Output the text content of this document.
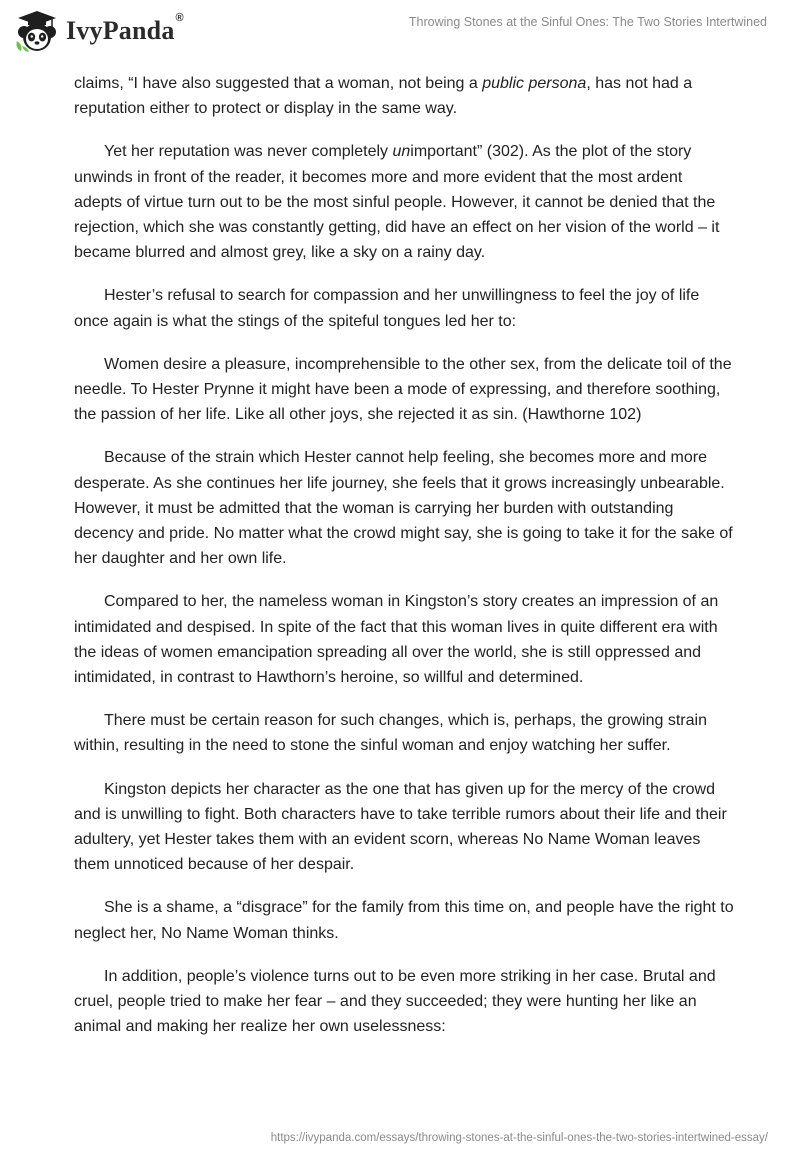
IvyPanda®	Throwing Stones at the Sinful Ones: The Two Stories Intertwined

claims, “I have also suggested that a woman, not being a public persona, has not had a reputation either to protect or display in the same way.

Yet her reputation was never completely unimportant” (302). As the plot of the story unwinds in front of the reader, it becomes more and more evident that the most ardent adepts of virtue turn out to be the most sinful people. However, it cannot be denied that the rejection, which she was constantly getting, did have an effect on her vision of the world – it became blurred and almost grey, like a sky on a rainy day.

Hester’s refusal to search for compassion and her unwillingness to feel the joy of life once again is what the stings of the spiteful tongues led her to:

Women desire a pleasure, incomprehensible to the other sex, from the delicate toil of the needle. To Hester Prynne it might have been a mode of expressing, and therefore soothing, the passion of her life. Like all other joys, she rejected it as sin. (Hawthorne 102)

Because of the strain which Hester cannot help feeling, she becomes more and more desperate. As she continues her life journey, she feels that it grows increasingly unbearable. However, it must be admitted that the woman is carrying her burden with outstanding decency and pride. No matter what the crowd might say, she is going to take it for the sake of her daughter and her own life.

Compared to her, the nameless woman in Kingston’s story creates an impression of an intimidated and despised. In spite of the fact that this woman lives in quite different era with the ideas of women emancipation spreading all over the world, she is still oppressed and intimidated, in contrast to Hawthorn’s heroine, so willful and determined.

There must be certain reason for such changes, which is, perhaps, the growing strain within, resulting in the need to stone the sinful woman and enjoy watching her suffer.

Kingston depicts her character as the one that has given up for the mercy of the crowd and is unwilling to fight. Both characters have to take terrible rumors about their life and their adultery, yet Hester takes them with an evident scorn, whereas No Name Woman leaves them unnoticed because of her despair.

She is a shame, a “disgrace” for the family from this time on, and people have the right to neglect her, No Name Woman thinks.

In addition, people’s violence turns out to be even more striking in her case. Brutal and cruel, people tried to make her fear – and they succeeded; they were hunting her like an animal and making her realize her own uselessness:

https://ivypanda.com/essays/throwing-stones-at-the-sinful-ones-the-two-stories-intertwined-essay/
